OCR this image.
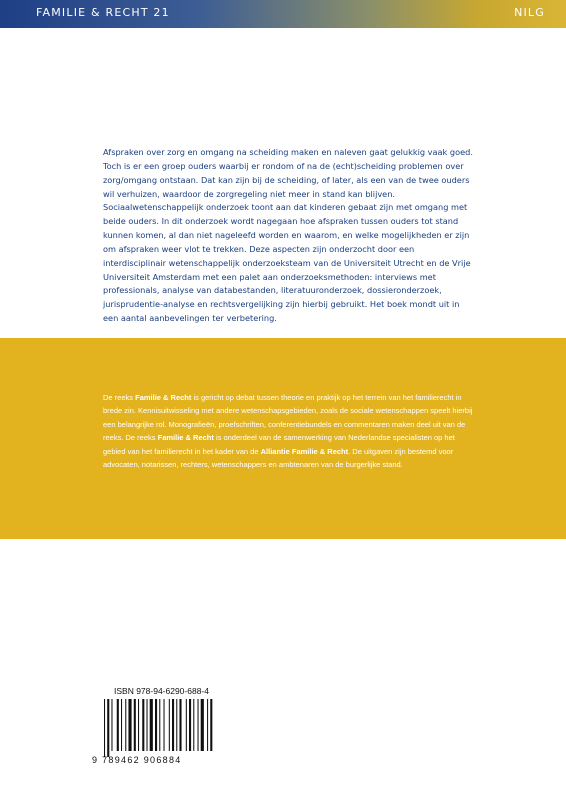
FAMILIE & RECHT 21	NILG

Afspraken over zorg en omgang na scheiding maken en naleven gaat gelukkig vaak goed. Toch is er een groep ouders waarbij er rondom of na de (echt)scheiding problemen over zorg/omgang ontstaan. Dat kan zijn bij de scheiding, of later, als een van de twee ouders wil verhuizen, waardoor de zorgregeling niet meer in stand kan blijven. Sociaalwetenschappelijk onderzoek toont aan dat kinderen gebaat zijn met omgang met beide ouders. In dit onderzoek wordt nagegaan hoe afspraken tussen ouders tot stand kunnen komen, al dan niet nageleefd worden en waarom, en welke mogelijkheden er zijn om afspraken weer vlot te trekken. Deze aspecten zijn onderzocht door een interdisciplinair wetenschappelijk onderzoeksteam van de Universiteit Utrecht en de Vrije Universiteit Amsterdam met een palet aan onderzoeksmethoden: interviews met professionals, analyse van databestanden, literatuuronderzoek, dossieronderzoek, jurisprudentie-analyse en rechtsvergelijking zijn hierbij gebruikt. Het boek mondt uit in een aantal aanbevelingen ter verbetering.

De reeks Familie & Recht is gericht op debat tussen theorie en praktijk op het terrein van het familierecht in brede zin. Kennisuitwisseling met andere wetenschapsgebieden, zoals de sociale wetenschappen speelt hierbij een belangrijke rol. Monografieën, proefschriften, conferentiebundels en commentaren maken deel uit van de reeks. De reeks Familie & Recht is onderdeel van de samenwerking van Nederlandse specialisten op het gebied van het familierecht in het kader van de Alliantie Familie & Recht. De uitgaven zijn bestemd voor advocaten, notarissen, rechters, wetenschappers en ambtenaren van de burgerlijke stand.

ISBN 978-94-6290-688-4
9 789462 906884
